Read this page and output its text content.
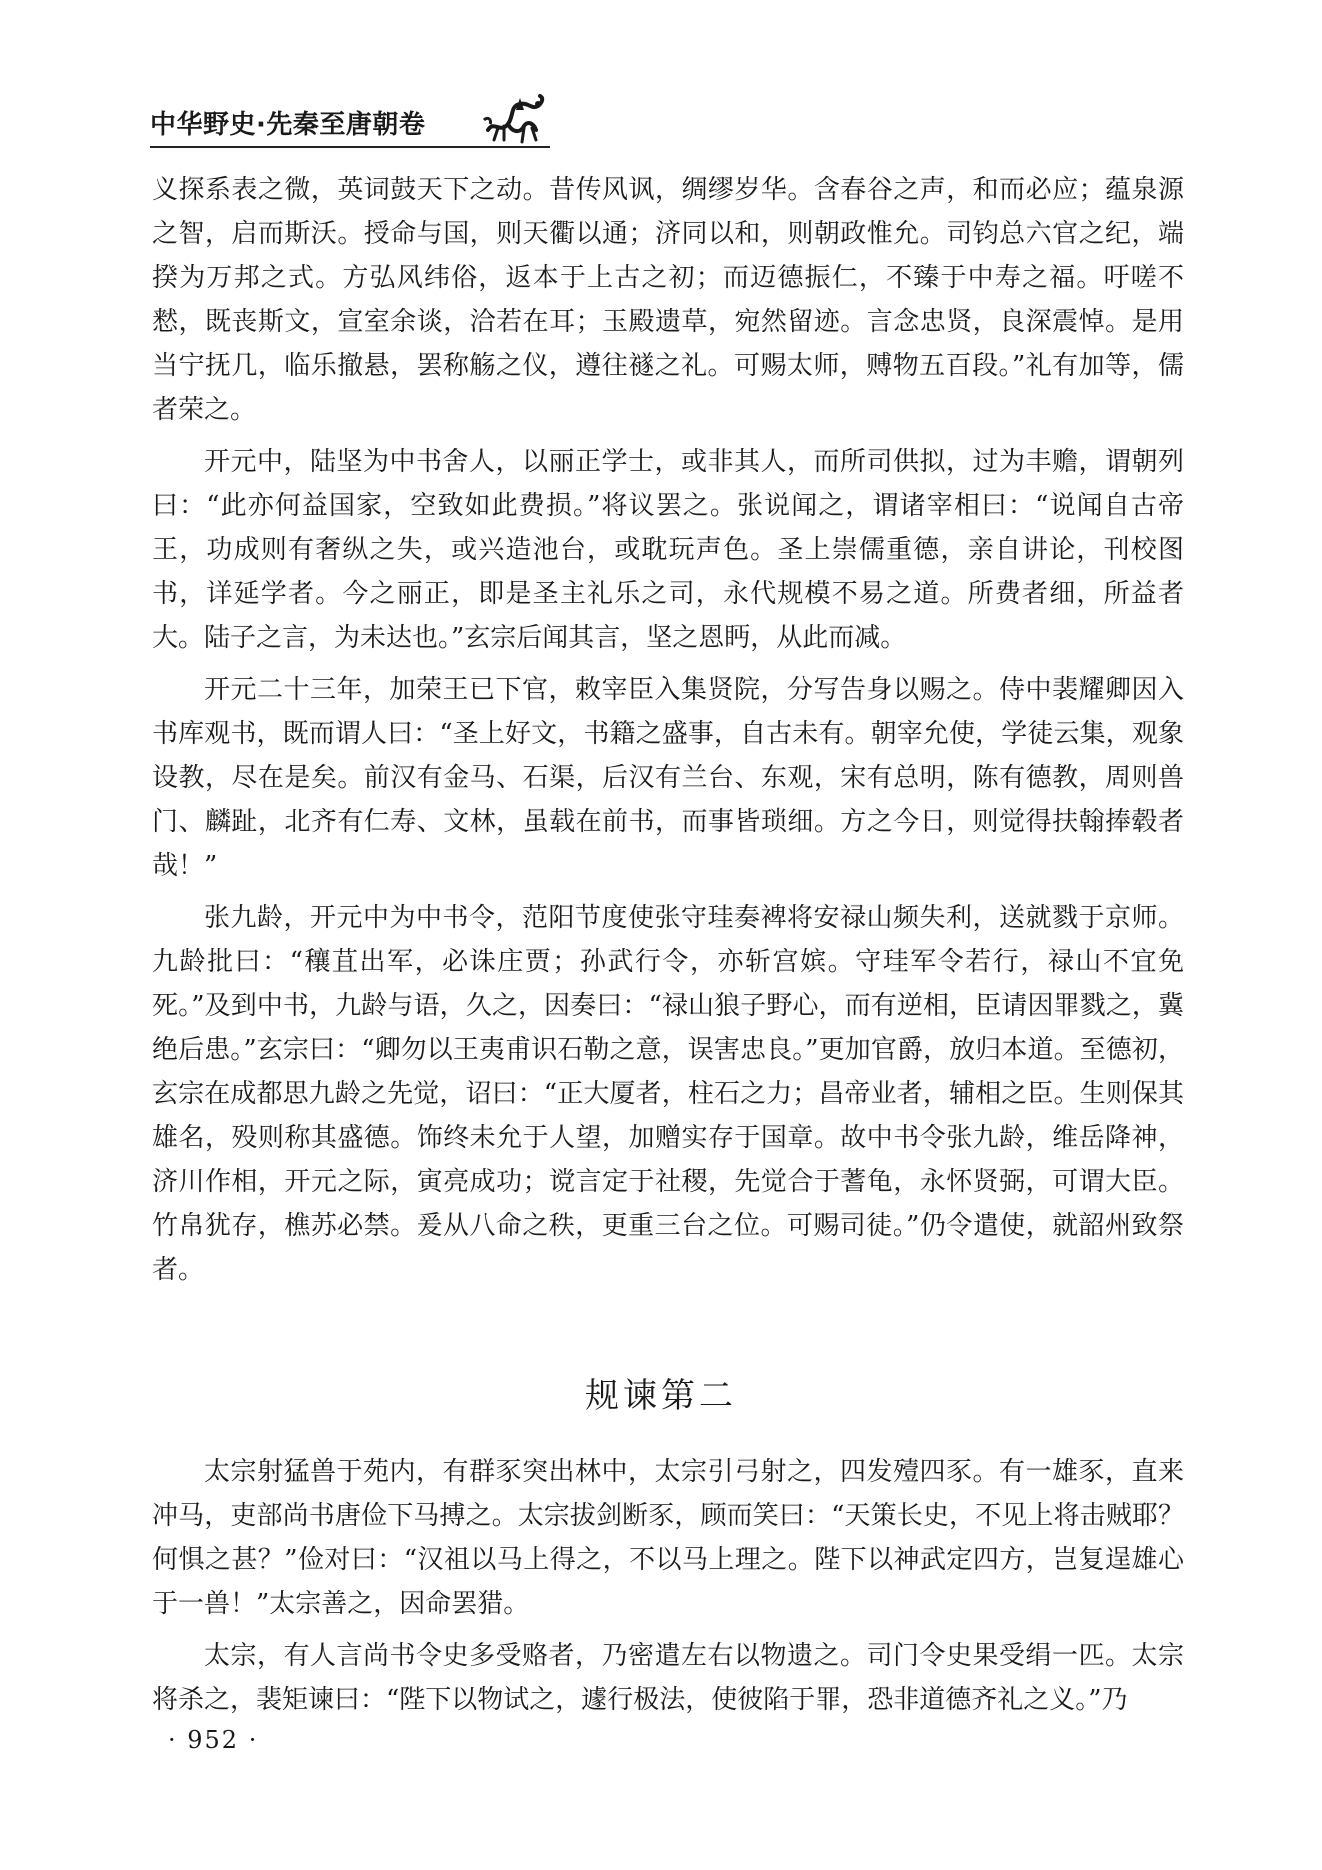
中华野史·先秦至唐朝卷

义探系表之微，英词鼓天下之动。昔传风讽，绸缪岁华。含春谷之声，和而必应；蕴泉源之智，启而斯沃。授命与国，则天衢以通；济同以和，则朝政惟允。司钧总六官之纪，端揆为万邦之式。方弘风纬俗，返本于上古之初；而迈德振仁，不臻于中寿之福。吁嗟不慭，既丧斯文，宣室余谈，洽若在耳；玉殿遗草，宛然留迹。言念忠贤，良深震悼。是用当宁抚几，临乐撤悬，罢称觞之仪，遵往禭之礼。可赐太师，赙物五百段。”礼有加等，儒者荣之。

开元中，陆坚为中书舍人，以丽正学士，或非其人，而所司供拟，过为丰赡，谓朝列曰：“此亦何益国家，空致如此费损。”将议罢之。张说闻之，谓诸宰相曰：“说闻自古帝王，功成则有奢纵之失，或兴造池台，或耽玩声色。圣上崇儒重德，亲自讲论，刊校图书，详延学者。今之丽正，即是圣主礼乐之司，永代规模不易之道。所费者细，所益者大。陆子之言，为未达也。”玄宗后闻其言，坚之恩眄，从此而减。

开元二十三年，加荣王已下官，敕宰臣入集贤院，分写告身以赐之。侍中裴耀卿因入书库观书，既而谓人曰：“圣上好文，书籍之盛事，自古未有。朝宰允使，学徒云集，观象设教，尽在是矣。前汉有金马、石渠，后汉有兰台、东观，宋有总明，陈有德教，周则兽门、麟趾，北齐有仁寿、文林，虽载在前书，而事皆琐细。方之今日，则觉得扶翰捧毂者哉！”

张九龄，开元中为中书令，范阳节度使张守珪奏裨将安禄山频失利，送就戮于京师。九龄批曰：“穰苴出军，必诛庄贾；孙武行令，亦斩宫嫔。守珪军令若行，禄山不宜免死。”及到中书，九龄与语，久之，因奏曰：“禄山狼子野心，而有逆相，臣请因罪戮之，冀绝后患。”玄宗曰：“卿勿以王夷甫识石勒之意，误害忠良。”更加官爵，放归本道。至德初，玄宗在成都思九龄之先觉，诏曰：“正大厦者，柱石之力；昌帝业者，辅相之臣。生则保其雄名，殁则称其盛德。饰终未允于人望，加赠实存于国章。故中书令张九龄，维岳降神，济川作相，开元之际，寅亮成功；谠言定于社稷，先觉合于蓍龟，永怀贤弼，可谓大臣。竹帛犹存，樵苏必禁。爰从八命之秩，更重三台之位。可赐司徒。”仍令遣使，就韶州致祭者。

规谏第二

太宗射猛兽于苑内，有群豕突出林中，太宗引弓射之，四发殪四豕。有一雄豕，直来冲马，吏部尚书唐俭下马搏之。太宗拔剑断豕，顾而笑曰：“天策长史，不见上将击贼耶？何惧之甚？”俭对曰：“汉祖以马上得之，不以马上理之。陛下以神武定四方，岂复逞雄心于一兽！”太宗善之，因命罢猎。

太宗，有人言尚书令史多受赂者，乃密遣左右以物遗之。司门令史果受绢一匹。太宗将杀之，裴矩谏曰：“陛下以物试之，遽行极法，使彼陷于罪，恐非道德齐礼之义。”乃

· 952 ·
